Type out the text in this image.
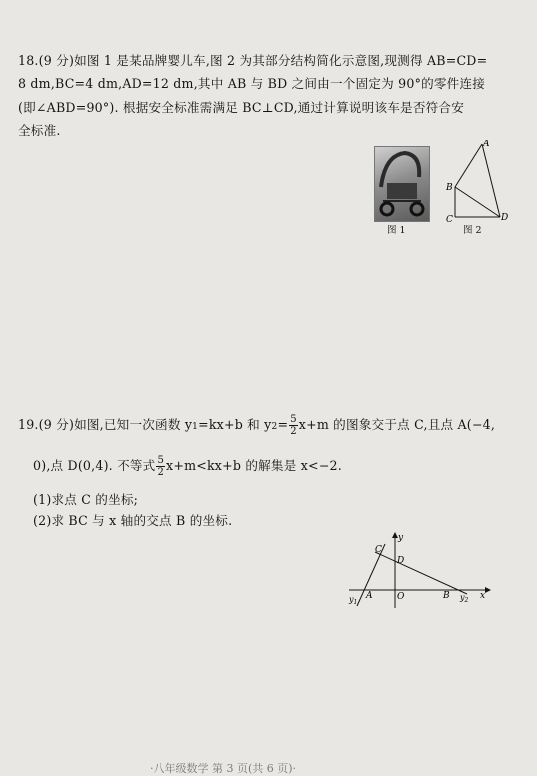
18.(9 分)如图 1 是某品牌婴儿车,图 2 为其部分结构简化示意图,现测得 AB=CD=
8 dm,BC=4 dm,AD=12 dm,其中 AB 与 BD 之间由一个固定为 90°的零件连接
(即∠ABD=90°). 根据安全标准需满足 BC⊥CD,通过计算说明该车是否符合安
全标准.
图 1
A
B
C	D
图 2
19.(9 分)如图,已知一次函数 y1=kx+b 和 $y2= \frac{5}{2} x+m$ 的图象交于点 C,且点 A(−4,
0),点 D(0,4). 不等式 $\frac{5}{2} x+m<kx+b$ 的解集是 x<−2.
(1)求点 C 的坐标;
(2)求 BC 与 x 轴的交点 B 的坐标.
C
D
y
A	O	B	x
$y_1$
$y_2$
·八年级数学 第 3 页(共 6 页)·
